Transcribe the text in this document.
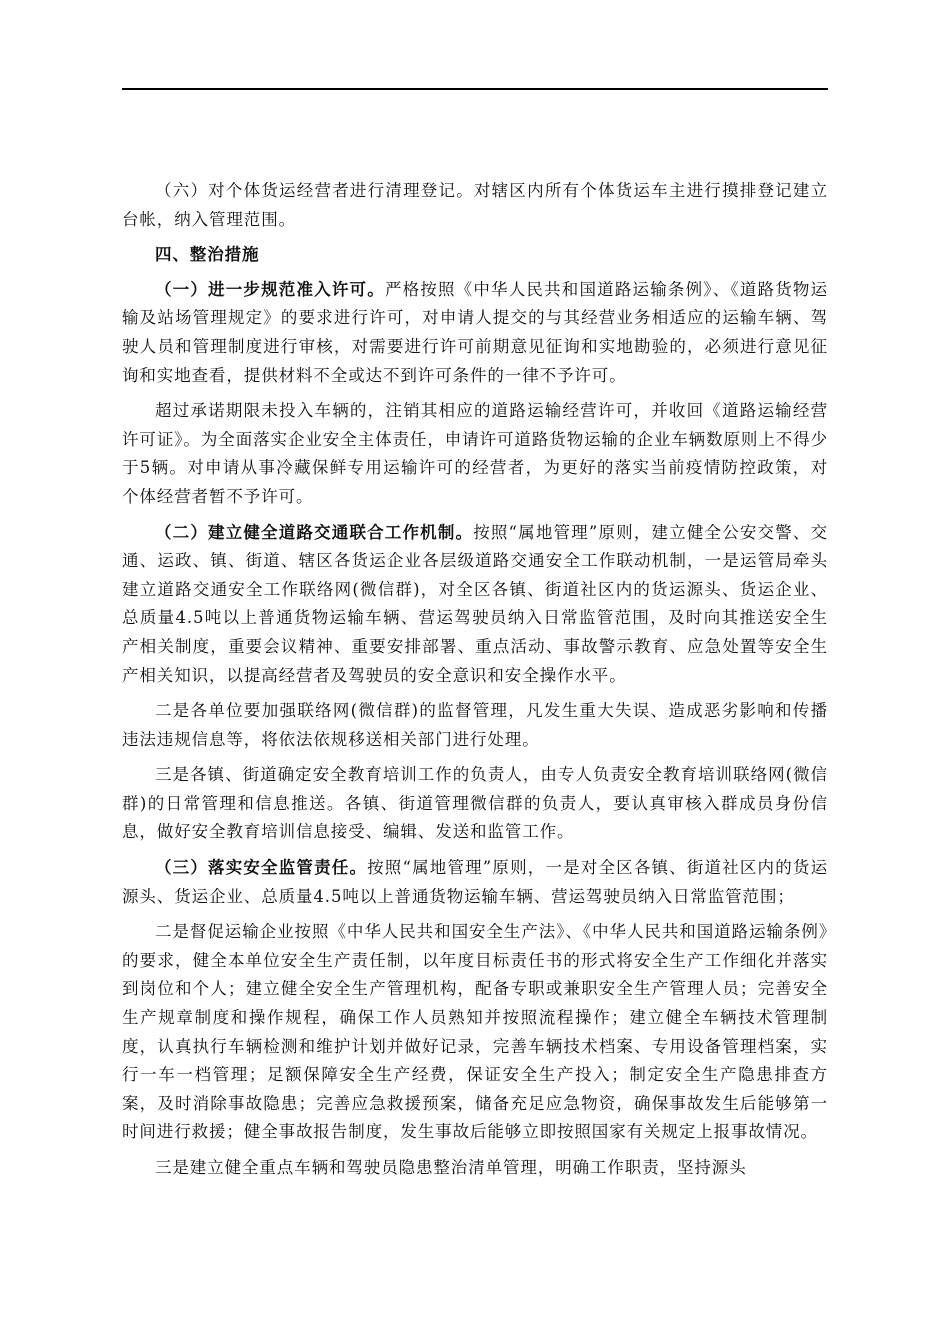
（六）对个体货运经营者进行清理登记。对辖区内所有个体货运车主进行摸排登记建立台帐，纳入管理范围。

四、整治措施

（一）进一步规范准入许可。严格按照《中华人民共和国道路运输条例》、《道路货物运输及站场管理规定》的要求进行许可，对申请人提交的与其经营业务相适应的运输车辆、驾驶人员和管理制度进行审核，对需要进行许可前期意见征询和实地勘验的，必须进行意见征询和实地查看，提供材料不全或达不到许可条件的一律不予许可。

超过承诺期限未投入车辆的，注销其相应的道路运输经营许可，并收回《道路运输经营许可证》。为全面落实企业安全主体责任，申请许可道路货物运输的企业车辆数原则上不得少于5辆。对申请从事冷藏保鲜专用运输许可的经营者，为更好的落实当前疫情防控政策，对个体经营者暂不予许可。

（二）建立健全道路交通联合工作机制。按照“属地管理”原则，建立健全公安交警、交通、运政、镇、街道、辖区各货运企业各层级道路交通安全工作联动机制，一是运管局牵头建立道路交通安全工作联络网(微信群)，对全区各镇、街道社区内的货运源头、货运企业、总质量4.5吨以上普通货物运输车辆、营运驾驶员纳入日常监管范围，及时向其推送安全生产相关制度，重要会议精神、重要安排部署、重点活动、事故警示教育、应急处置等安全生产相关知识，以提高经营者及驾驶员的安全意识和安全操作水平。

二是各单位要加强联络网(微信群)的监督管理，凡发生重大失误、造成恶劣影响和传播违法违规信息等，将依法依规移送相关部门进行处理。

三是各镇、街道确定安全教育培训工作的负责人，由专人负责安全教育培训联络网(微信群)的日常管理和信息推送。各镇、街道管理微信群的负责人，要认真审核入群成员身份信息，做好安全教育培训信息接受、编辑、发送和监管工作。

（三）落实安全监管责任。按照“属地管理”原则，一是对全区各镇、街道社区内的货运源头、货运企业、总质量4.5吨以上普通货物运输车辆、营运驾驶员纳入日常监管范围；

二是督促运输企业按照《中华人民共和国安全生产法》、《中华人民共和国道路运输条例》的要求，健全本单位安全生产责任制，以年度目标责任书的形式将安全生产工作细化并落实到岗位和个人；建立健全安全生产管理机构，配备专职或兼职安全生产管理人员；完善安全生产规章制度和操作规程，确保工作人员熟知并按照流程操作；建立健全车辆技术管理制度，认真执行车辆检测和维护计划并做好记录，完善车辆技术档案、专用设备管理档案，实行一车一档管理；足额保障安全生产经费，保证安全生产投入；制定安全生产隐患排查方案，及时消除事故隐患；完善应急救援预案，储备充足应急物资，确保事故发生后能够第一时间进行救援；健全事故报告制度，发生事故后能够立即按照国家有关规定上报事故情况。

三是建立健全重点车辆和驾驶员隐患整治清单管理，明确工作职责，坚持源头
